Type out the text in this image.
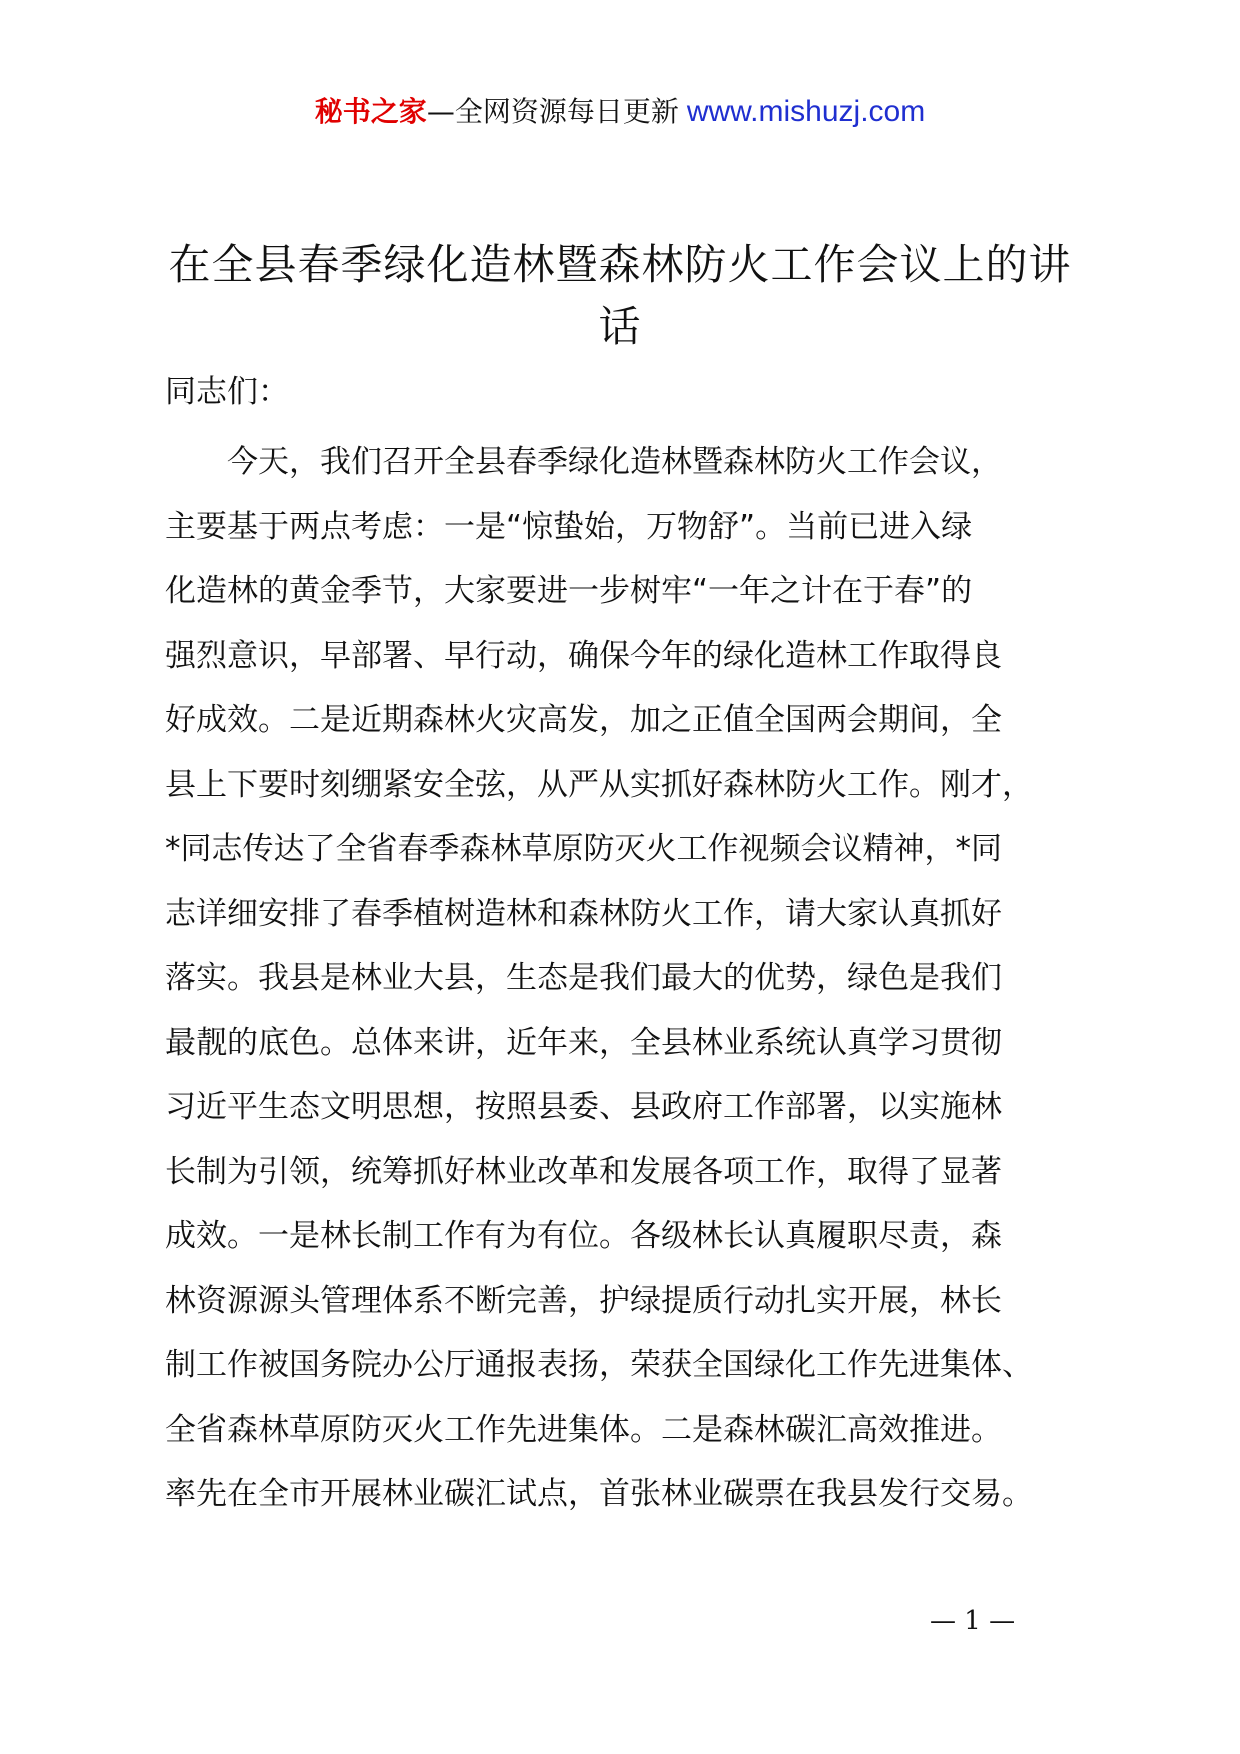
秘书之家—全网资源每日更新 www.mishuzj.com
在全县春季绿化造林暨森林防火工作会议上的讲话

同志们：

　　今天，我们召开全县春季绿化造林暨森林防火工作会议，
主要基于两点考虑：一是“惊蛰始，万物舒”。当前已进入绿
化造林的黄金季节，大家要进一步树牢“一年之计在于春”的
强烈意识，早部署、早行动，确保今年的绿化造林工作取得良
好成效。二是近期森林火灾高发，加之正值全国两会期间，全
县上下要时刻绷紧安全弦，从严从实抓好森林防火工作。刚才，
*同志传达了全省春季森林草原防灭火工作视频会议精神，*同
志详细安排了春季植树造林和森林防火工作，请大家认真抓好
落实。我县是林业大县，生态是我们最大的优势，绿色是我们
最靓的底色。总体来讲，近年来，全县林业系统认真学习贯彻
习近平生态文明思想，按照县委、县政府工作部署，以实施林
长制为引领，统筹抓好林业改革和发展各项工作，取得了显著
成效。一是林长制工作有为有位。各级林长认真履职尽责，森
林资源源头管理体系不断完善，护绿提质行动扎实开展，林长
制工作被国务院办公厅通报表扬，荣获全国绿化工作先进集体、
全省森林草原防灭火工作先进集体。二是森林碳汇高效推进。
率先在全市开展林业碳汇试点，首张林业碳票在我县发行交易。
— 1 —
